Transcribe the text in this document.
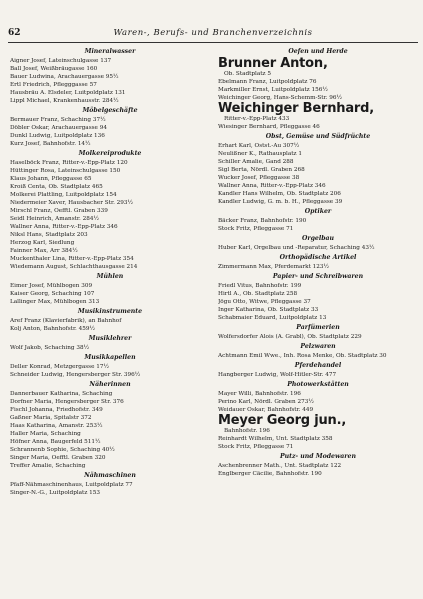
62	Waren-, Berufs- und Branchenverzeichnis
Mineralwasser
Aigner Josef, Lateinschulgasse 137
Ball Josef, Weißbräugasse 160
Bauer Ludwina, Arachauergasse 95½
Ertl Friedrich, Pflegggasse 57
Hausbräu A. Elsdeler, Luitpoldplatz 131
Lippl Michael, Krankenhausstr. 284½
Möbelgeschäfte
Bermauer Franz, Schaching 37½
Döbler Oskar, Arachauergasse 94
Dunkl Ludwig, Luitpoldplatz 136
Kurz Josef, Bahnhofstr. 14½
Molkereiprodukte
Haselböck Franz, Ritter-v.-Epp-Platz 120
Hüttinger Rosa, Lateinschulgasse 150
Klaus Johann, Pfleggasse 65
Kroiß Centa, Ob. Stadtplatz 465
Molkerei Plattling, Luitpoldplatz 154
Niedermeier Xaver, Hausbacher Str. 293½
Mirschl Franz, Oefftl. Graben 339
Seidl Heinrich, Amanstr. 284½
Wallner Anna, Ritter-v.-Epp-Platz 346
Niksl Hans, Stadtplatz 203
Herzog Karl, Siedlung
Fainner Max, Arr 384½
Muckenthaler Lina, Ritter-v.-Epp-Platz 354
Wiedemann August, Schlachthausgasse 214
Mühlen
Eimer Josef, Mühlbogen 309
Kaiser Georg, Schaching 107
Lallinger Max, Mühlbogen 313
Musikinstrumente
Aref Franz (Klavierfabrik), an Bahnhof
Kolj Anton, Bahnhofstr. 459½
Musiklehrer
Wolf Jakob, Schaching 38½
Musikkapellen
Deller Konrad, Metzgergasse 17½
Schneider Ludwig, Hengersberger Str. 396½
Näherinnen
Dannerbauer Katharina, Schaching
Dorfner Maria, Hengersberger Str. 376
Fischl Johanna, Friedhofstr. 349
Gaßner Maria, Spitalstr 372
Haas Katharina, Amanstr. 253½
Haller Maria, Schaching
Höfner Anna, Baugerfeld 511½
Schrannenb Sophie, Schaching 40½
Singer Maria, Oefftl. Graben 320
Treffer Amalie, Schaching
Nähmaschinen
Pfaff-Nähmaschinenhaus, Luitpoldplatz 77
Singer-N.-G., Luitpoldplatz 153
Oefen und Herde
Brunner Anton,
Ob. Stadtplatz 5
Ebelmann Franz, Luitpoldplatz 76
Markmiller Ernst, Luitpoldplatz 156½
Weichinger Georg, Hans-Schemm-Str. 96½
Weichinger Bernhard,
Ritter-v.-Epp-Platz 433
Wiesinger Bernhard, Pfleggasse 46
Obst, Gemüse und Südfrüchte
Erhart Karl, Ostst.-Au 307½
Neulißner K., Rathausplatz 1
Schiller Amalie, Gand 288
Sigl Berta, Nördl. Graben 268
Wucker Josef, Pfleggasse 38
Wallner Anna, Ritter-v.-Epp-Platz 346
Kandler Hans Wilhelm, Ob. Stadtplatz 206
Kandler Ludwig, G. m. b. H., Pfleggasse 39
Optiker
Bäcker Franz, Bahnhofstr. 190
Stock Fritz, Pfleggasse 71
Orgelbau
Huber Karl, Orgelbau und -Reparatur, Schaching 43½
Orthopädische Artikel
Zimmermann Max, Pferdemarkt 123½
Papier- und Schreibwaren
Friedl Vitus, Bahnhofstr. 199
Hirtl A., Ob. Stadtplatz 258
Jögu Otto, Witwe, Pfleggasse 37
Inger Katharina, Ob. Stadtplatz 33
Schabmaier Eduard, Luitpoldplatz 13
Parfümerien
Wolfersdorfer Alois (A. Grabl), Ob. Stadtplatz 229
Pelzwaren
Achtmann Emil Wwe., Inh. Rosa Menke, Ob. Stadtplatz 30
Pferdehandel
Hangberger Ludwig, Wolf-Hitler-Str. 477
Photowerkstätten
Mayer Willi, Bahnhofstr. 196
Perino Karl, Nördl. Graben 273½
Weidauer Oskar, Bahnhofstr. 449
Meyer Georg jun.,
Bahnhofstr. 196
Reinhardt Wilhelm, Unt. Stadtplatz 358
Stock Fritz, Pfleggasse 71
Putz- und Modewaren
Aschenbrenner Math., Unt. Stadtplatz 122
Englberger Cäcilie, Bahnhofstr. 190
